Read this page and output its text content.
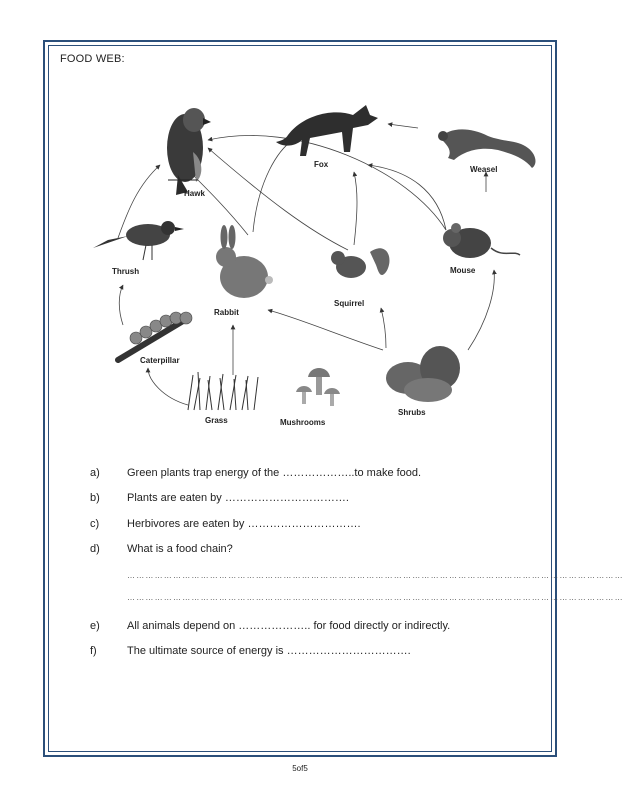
FOOD WEB:
Hawk
Fox
Weasel
Thrush
Rabbit
Squirrel
Mouse
Caterpillar
Grass	Mushrooms
Shrubs
a) Green plants trap energy of the ………………..to make food.
b) Plants are eaten by …………………………….
c)	Herbivores are eaten by ………………………….
d) What is a food chain?
………………………………………………………………………………………………………………………………………………
………………………………………………………………………………………………………………………………………………
e) All animals depend on ……………….. for food directly or indirectly.
f)	The ultimate source of energy is …………………………….
5of5
